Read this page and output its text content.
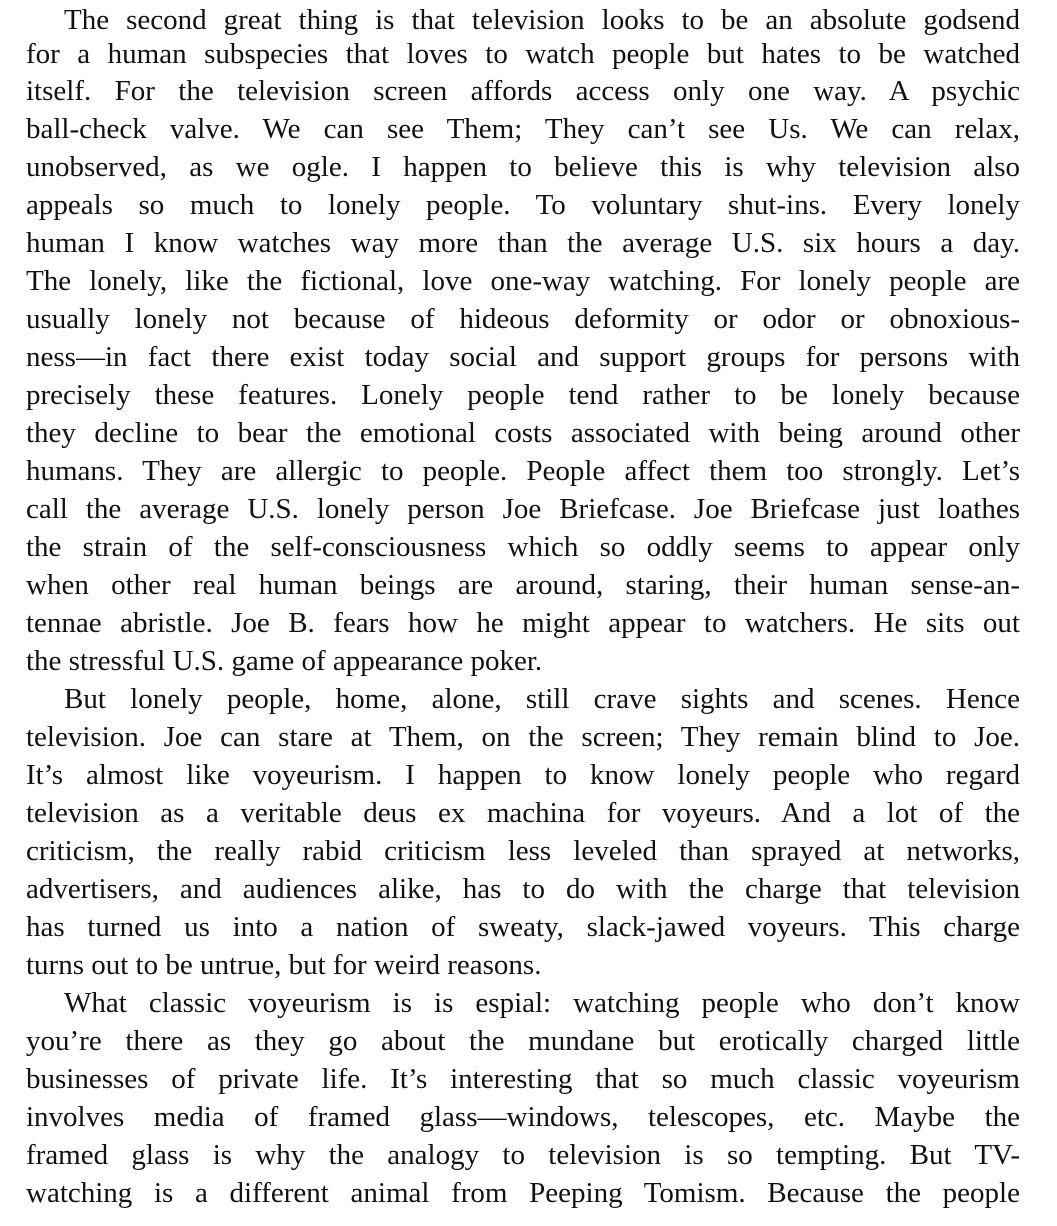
The second great thing is that television looks to be an absolute godsend
for a human subspecies that loves to watch people but hates to be watched
itself. For the television screen affords access only one way. A psychic
ball-check valve. We can see Them; They can’t see Us. We can relax,
unobserved, as we ogle. I happen to believe this is why television also
appeals so much to lonely people. To voluntary shut-ins. Every lonely
human I know watches way more than the average U.S. six hours a day.
The lonely, like the fictional, love one-way watching. For lonely people are
usually lonely not because of hideous deformity or odor or obnoxious-
ness—in fact there exist today social and support groups for persons with
precisely these features. Lonely people tend rather to be lonely because
they decline to bear the emotional costs associated with being around other
humans. They are allergic to people. People affect them too strongly. Let’s
call the average U.S. lonely person Joe Briefcase. Joe Briefcase just loathes
the strain of the self-consciousness which so oddly seems to appear only
when other real human beings are around, staring, their human sense-an-
tennae abristle. Joe B. fears how he might appear to watchers. He sits out
the stressful U.S. game of appearance poker.
But lonely people, home, alone, still crave sights and scenes. Hence
television. Joe can stare at Them, on the screen; They remain blind to Joe.
It’s almost like voyeurism. I happen to know lonely people who regard
television as a veritable deus ex machina for voyeurs. And a lot of the
criticism, the really rabid criticism less leveled than sprayed at networks,
advertisers, and audiences alike, has to do with the charge that television
has turned us into a nation of sweaty, slack-jawed voyeurs. This charge
turns out to be untrue, but for weird reasons.
What classic voyeurism is is espial: watching people who don’t know
you’re there as they go about the mundane but erotically charged little
businesses of private life. It’s interesting that so much classic voyeurism
involves media of framed glass—windows, telescopes, etc. Maybe the
framed glass is why the analogy to television is so tempting. But TV-
watching is a different animal from Peeping Tomism. Because the people
